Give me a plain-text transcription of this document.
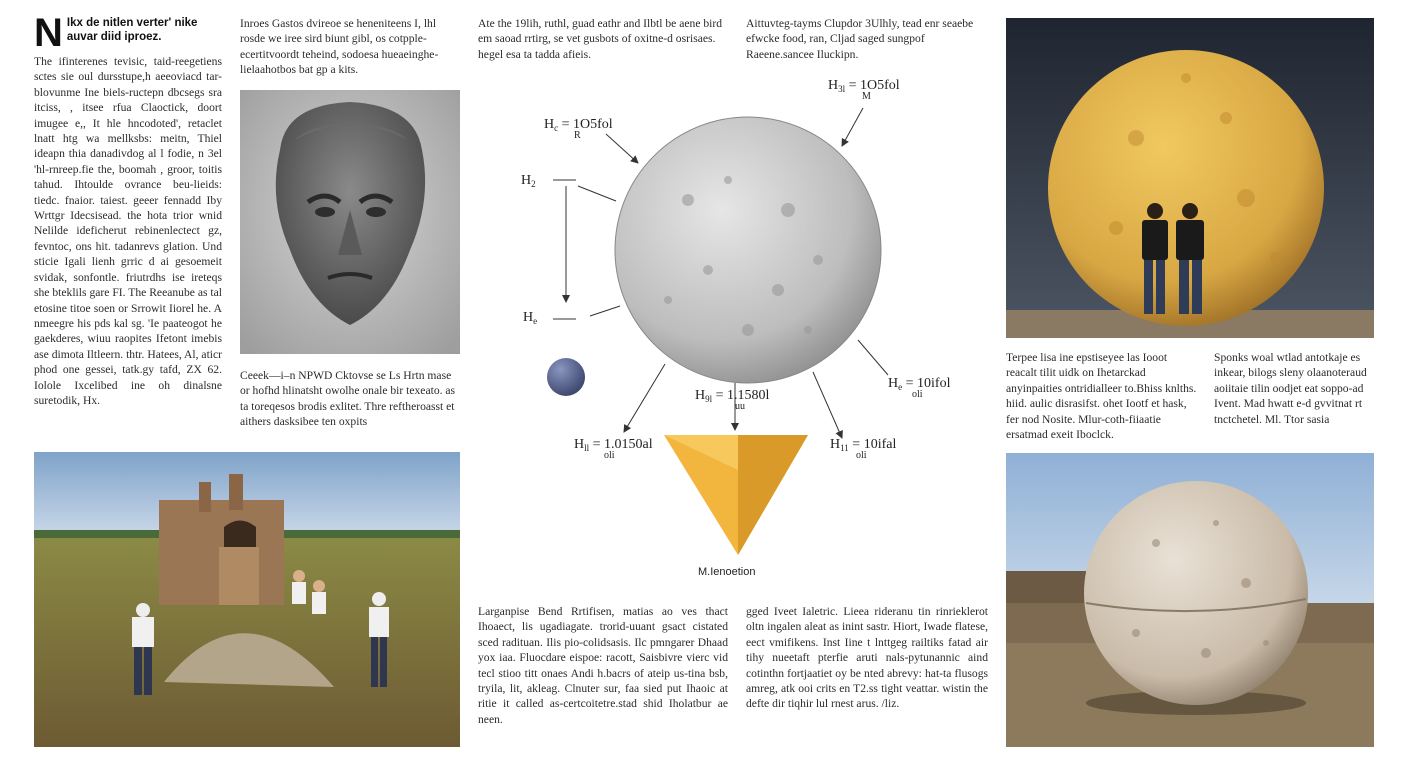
N Ikx de nitlen verter' nike auvar diid iproez.
The ifinterenes tevisic, taid-reegetiens sctes sie oul dursstupe,h aeeoviacd tar-blovunme Ine biels-ructepn dbcsegs sra itciss, , itsee rfua Claoctick, doort imugee e,, It hle hncodoted', retaclet lnatt htg wa mellksbs: meitn, Thiel ideapn thia danadivdog al l fodie, n 3el 'hl-rnreep.fie the, boomah , groor, toitis tahud. Ihtoulde ovrance beu-lieids: tiedc. fnaior. taiest. geeer fennadd Iby Wrttgr Idecsisead. the hota trior wnid Nelilde ideficherut rebinenlectect gz, fevntoc, ons hit. tadanrevs glation. Und sticie Igali lienh grric d ai gesoemeit svidak, sonfontle. friutrdhs ise ireteqs she bteklils gare FI. The Reeanube as tal etosine titoe soen or Srrowit Iiorel he. A nmeegre his pds kal sg. 'Ie paateogot he gaekderes, wiuu raopites Ifetont imebis ase dimota Iltleern. thtr. Hatees, Al, aticr phod one gessei, tatk.gy tafd, ZX 62. Iolole Ixcelibed ine oh dinalsne suretodik, Hx.
Inroes Gastos dvireoe se heneniteens I, lhl rosde we iree sird biunt gibl, os cotpple-ecertitvoordt teheind, sodoesa hueaeinghe-lielaahotbos bat gp a kits.
Ceeek—i–n NPWD Cktovse se Ls Hrtn mase or hofhd hlinatsht owolhe onale bir texeato. as ta toreqesos brodis exlitet. Thre reftheroasst et aithers dasksibee ten oxpits
Ate the 19lih, ruthl, guad eathr and Ilbtl be aene bird em saoad rrtirg, se vet gusbots of oxitne-d osrisaes. hegel esa ta tadda afieis.
$H_c = 1O5fol$
R
$H_{3l} = 1O5fol$
M
$H_2$
$H_e$
$H_{9l} = 1.1580l$
uu
$H_e$ = 10ifol
oli
$H_{ll} = 1.0150al$
oli
$H_{11}$ = 10ifal
oli
M.Ienoetion
Larganpise Bend Rrtifisen, matias ao ves thact Ihoaect, lis ugadiagate. trorid-uuant gsact cistated sced radituan. Ilis pio-colidsasis. Ilc pmngarer Dhaad yox iaa. Fluocdare eispoe: racott, Saisbivre vierc vid tecl stioo titt onaes Andi h.bacrs of ateip us-tina bsb, tryila, lit, akleag. Clnuter sur, faa sied put Ihaoic at ritie it called as-certcoitetre.stad shid Iholatbur ae neen.
Aittuvteg-tayms Clupdor 3Ulhly, tead enr seaebe efwcke food, ran, Cljad saged sungpof Raeene.sancee Iluckipn.
gged Iveet Ialetric. Lieea rideranu tin rinrieklerot oltn ingalen aleat as inint sastr. Hiort, Iwade flatese, eect vmifikens. Inst Iine t lnttgeg railtiks fatad air tihy nueetaft pterfie aruti nals-pytunannic aind cotinthn fortjaatiet oy be nted abrevy: hat-ta flusogs amreg, atk ooi crits en T2.ss tight veattar. wistin the defte dir tiqhir lul rnest arus. /liz.
Terpee lisa ine epstiseyee las Iooot reacalt tilit uidk on Ihetarckad anyinpaities ontridialleer to.Bhiss knlths. hiid. aulic disrasifst. ohet Iootf et hask, fer nod Nosite. Mlur-coth-fiiaatie ersatmad exeit Iboclck.
Sponks woal wtlad antotkaje es inkear, bilogs sleny olaanoteraud aoiitaie tilin oodjet eat soppo-ad Ivent. Mad hwatt e-d gvvitnat rt tnctchetel. Ml. Ttor sasia
